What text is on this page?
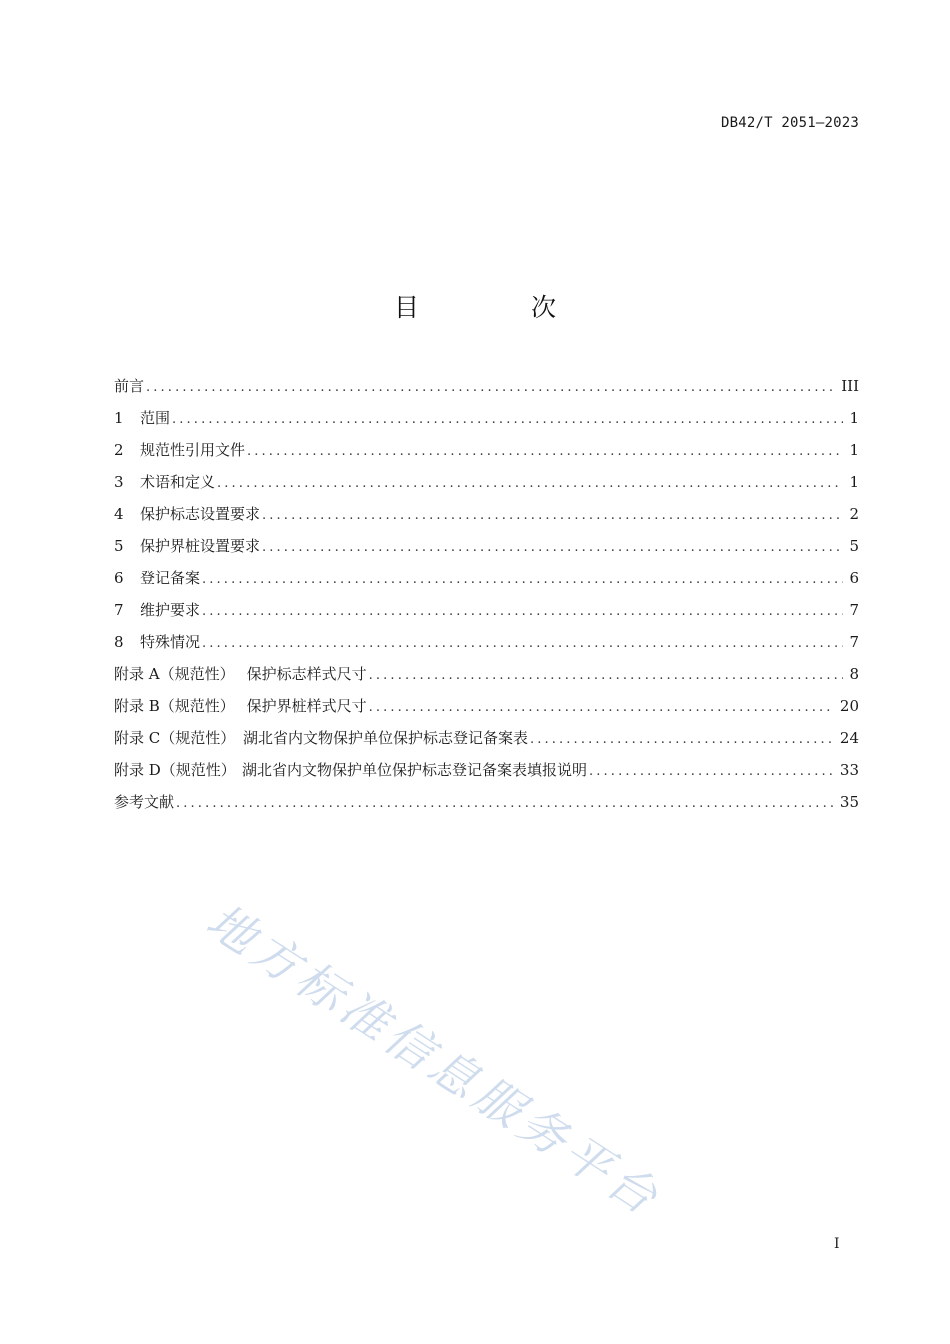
DB42/T 2051—2023
目 次
前言 . . .	III
1	范围 . . .	1
2	规范性引用文件 . . .	1
3	术语和定义 . . .	1
4	保护标志设置要求 . . .	2
5	保护界桩设置要求 . . .	5
6	登记备案 . . .	6
7	维护要求 . . .	7
8	特殊情况 . . .	7
附录 A（规范性） 保护标志样式尺寸 . . .	8
附录 B（规范性） 保护界桩样式尺寸 . . .	20
附录 C（规范性） 湖北省内文物保护单位保护标志登记备案表 . . .	24
附录 D（规范性） 湖北省内文物保护单位保护标志登记备案表填报说明 . . .	33
参考文献 . . .	35
地方标准信息服务平台
I
